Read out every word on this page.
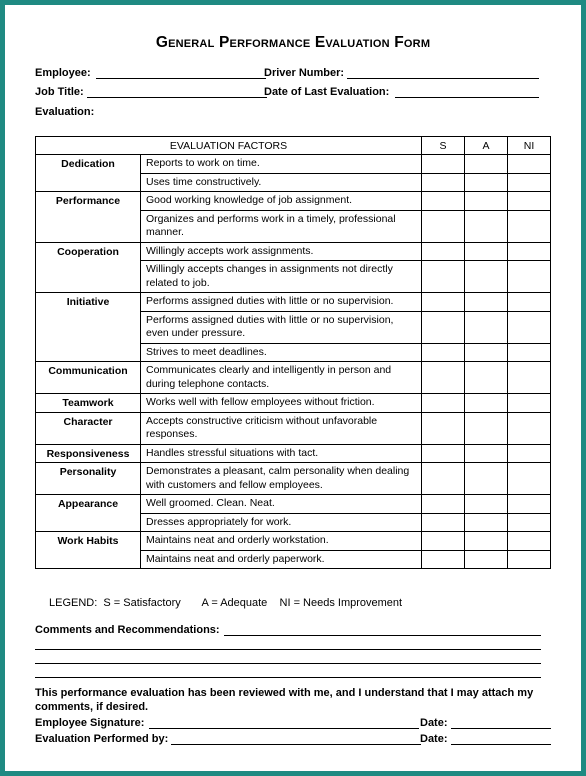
General Performance Evaluation Form
Employee:	Driver Number:
Job Title:	Date of Last Evaluation:
Evaluation:
EVALUATION FACTORS		S	A	NI
Dedication	Reports to work on time.			
	Uses time constructively.			
Performance	Good working knowledge of job assignment.			
	Organizes and performs work in a timely, professional manner.			
Cooperation	Willingly accepts work assignments.			
	Willingly accepts changes in assignments not directly related to job.			
Initiative	Performs assigned duties with little or no supervision.			
	Performs assigned duties with little or no supervision, even under pressure.			
	Strives to meet deadlines.			
Communication	Communicates clearly and intelligently in person and during telephone contacts.			
Teamwork	Works well with fellow employees without friction.			
Character	Accepts constructive criticism without unfavorable responses.			
Responsiveness	Handles stressful situations with tact.			
Personality	Demonstrates a pleasant, calm personality when dealing with customers and fellow employees.			
Appearance	Well groomed. Clean. Neat.			
	Dresses appropriately for work.			
Work Habits	Maintains neat and orderly workstation.			
	Maintains neat and orderly paperwork.			
LEGEND:  S = Satisfactory       A = Adequate    NI = Needs Improvement
Comments and Recommendations:
This performance evaluation has been reviewed with me, and I understand that I may attach my comments, if desired.
Employee Signature:	Date:
Evaluation Performed by:	Date:
